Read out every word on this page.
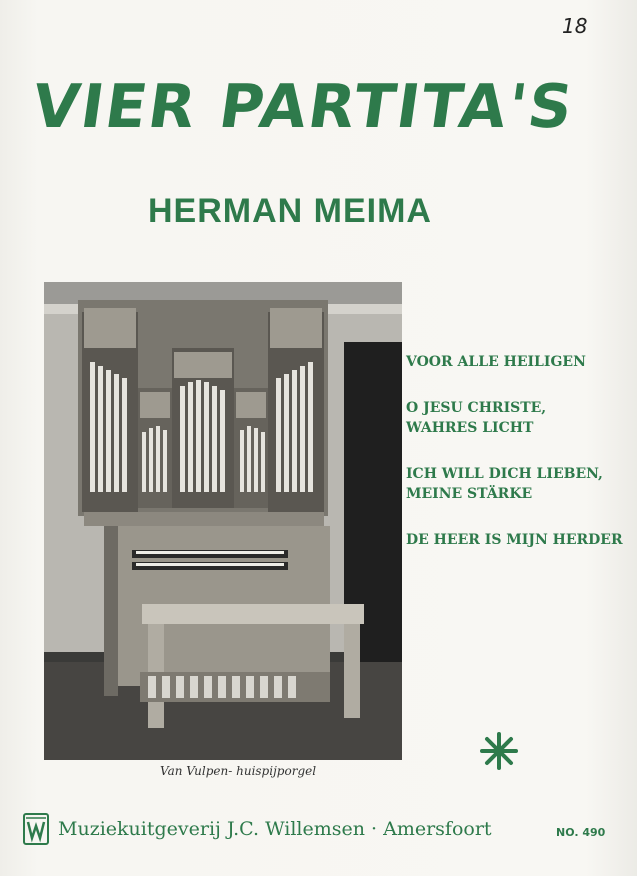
18
VIER PARTITA'S
HERMAN MEIMA
Van Vulpen- huispijporgel
VOOR ALLE HEILIGEN
O JESU CHRISTE,
WAHRES LICHT
ICH WILL DICH LIEBEN,
MEINE STÄRKE
DE HEER IS MIJN HERDER
Muziekuitgeverij J.C. Willemsen · Amersfoort	NO. 490
